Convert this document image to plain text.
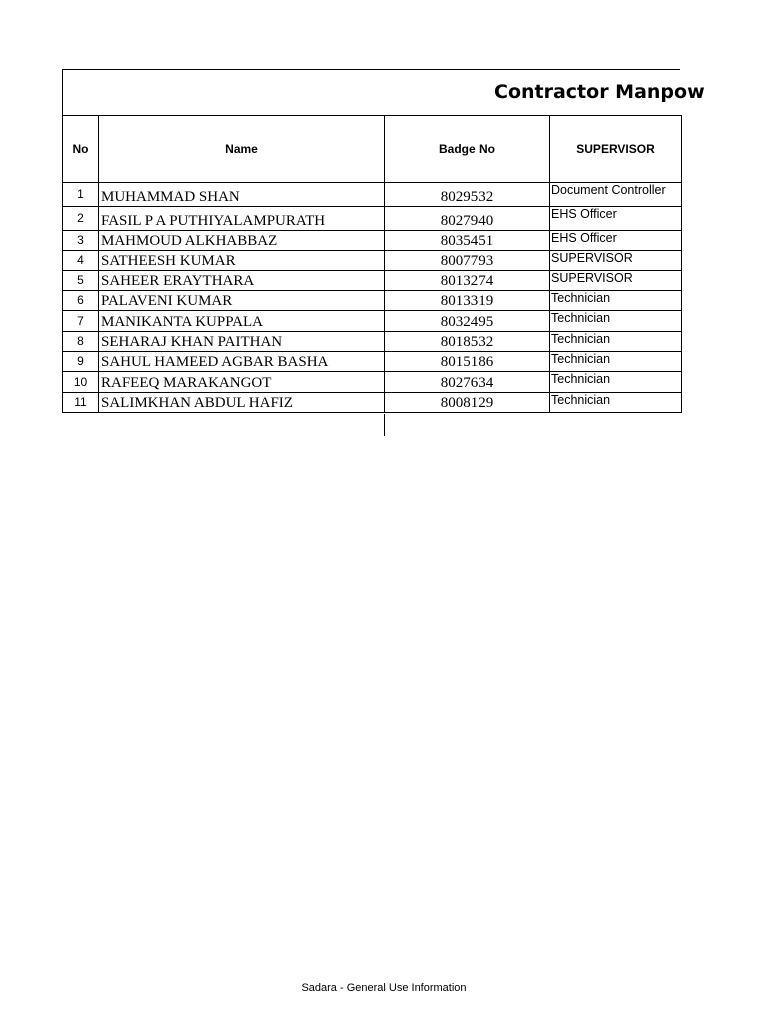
Contractor Manpow
No	Name	Badge No	SUPERVISOR
1	MUHAMMAD SHAN	8029532	Document Controller
2	FASIL P A PUTHIYALAMPURATH	8027940	EHS Officer
3	MAHMOUD ALKHABBAZ	8035451	EHS Officer
4	SATHEESH KUMAR	8007793	SUPERVISOR
5	SAHEER ERAYTHARA	8013274	SUPERVISOR
6	PALAVENI KUMAR	8013319	Technician
7	MANIKANTA KUPPALA	8032495	Technician
8	SEHARAJ KHAN PAITHAN	8018532	Technician
9	SAHUL HAMEED AGBAR BASHA	8015186	Technician
10	RAFEEQ MARAKANGOT	8027634	Technician
11	SALIMKHAN ABDUL HAFIZ	8008129	Technician
Sadara - General Use Information
